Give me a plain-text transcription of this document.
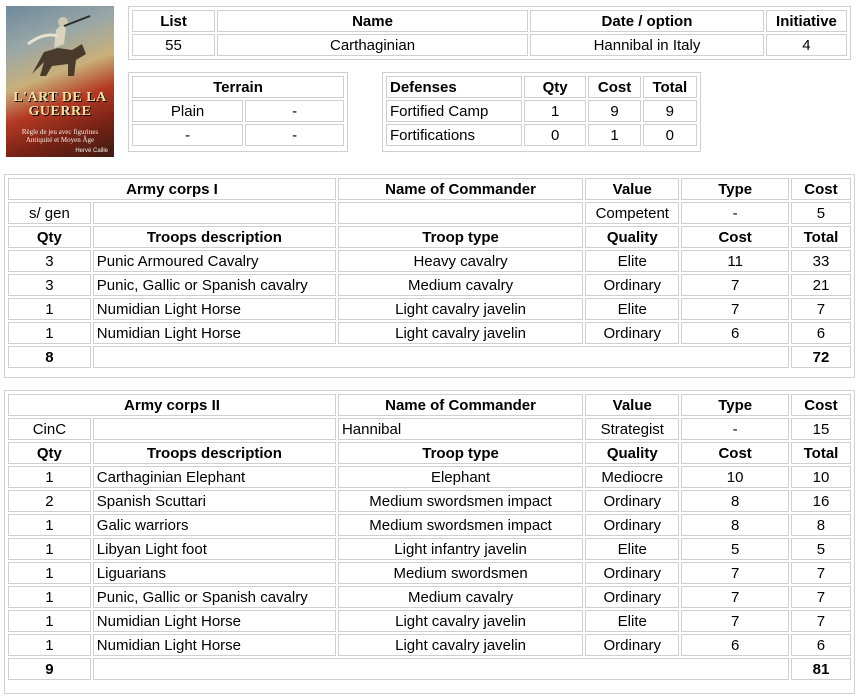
L'ART DE LA
GUERRE
Règle de jeu avec figurines Antiquité et Moyen Âge
Hervé Caille
List	Name	Date / option	Initiative
55	Carthaginian	Hannibal in Italy	4
Terrain	
Plain	-
-	-
Defenses	Qty	Cost	Total
Fortified Camp	1	9	9
Fortifications	0	1	0
Army corps I		Name of Commander	Value	Type	Cost
s/ gen			Competent	-	5
Qty	Troops description	Troop type	Quality	Cost	Total
3	Punic Armoured Cavalry	Heavy cavalry	Elite	11	33
3	Punic, Gallic or Spanish cavalry	Medium cavalry	Ordinary	7	21
1	Numidian Light Horse	Light cavalry javelin	Elite	7	7
1	Numidian Light Horse	Light cavalry javelin	Ordinary	6	6
8					72
Army corps II		Name of Commander	Value	Type	Cost
CinC		Hannibal	Strategist	-	15
Qty	Troops description	Troop type	Quality	Cost	Total
1	Carthaginian Elephant	Elephant	Mediocre	10	10
2	Spanish Scuttari	Medium swordsmen impact	Ordinary	8	16
1	Galic warriors	Medium swordsmen impact	Ordinary	8	8
1	Libyan Light foot	Light infantry javelin	Elite	5	5
1	Liguarians	Medium swordsmen	Ordinary	7	7
1	Punic, Gallic or Spanish cavalry	Medium cavalry	Ordinary	7	7
1	Numidian Light Horse	Light cavalry javelin	Elite	7	7
1	Numidian Light Horse	Light cavalry javelin	Ordinary	6	6
9					81
